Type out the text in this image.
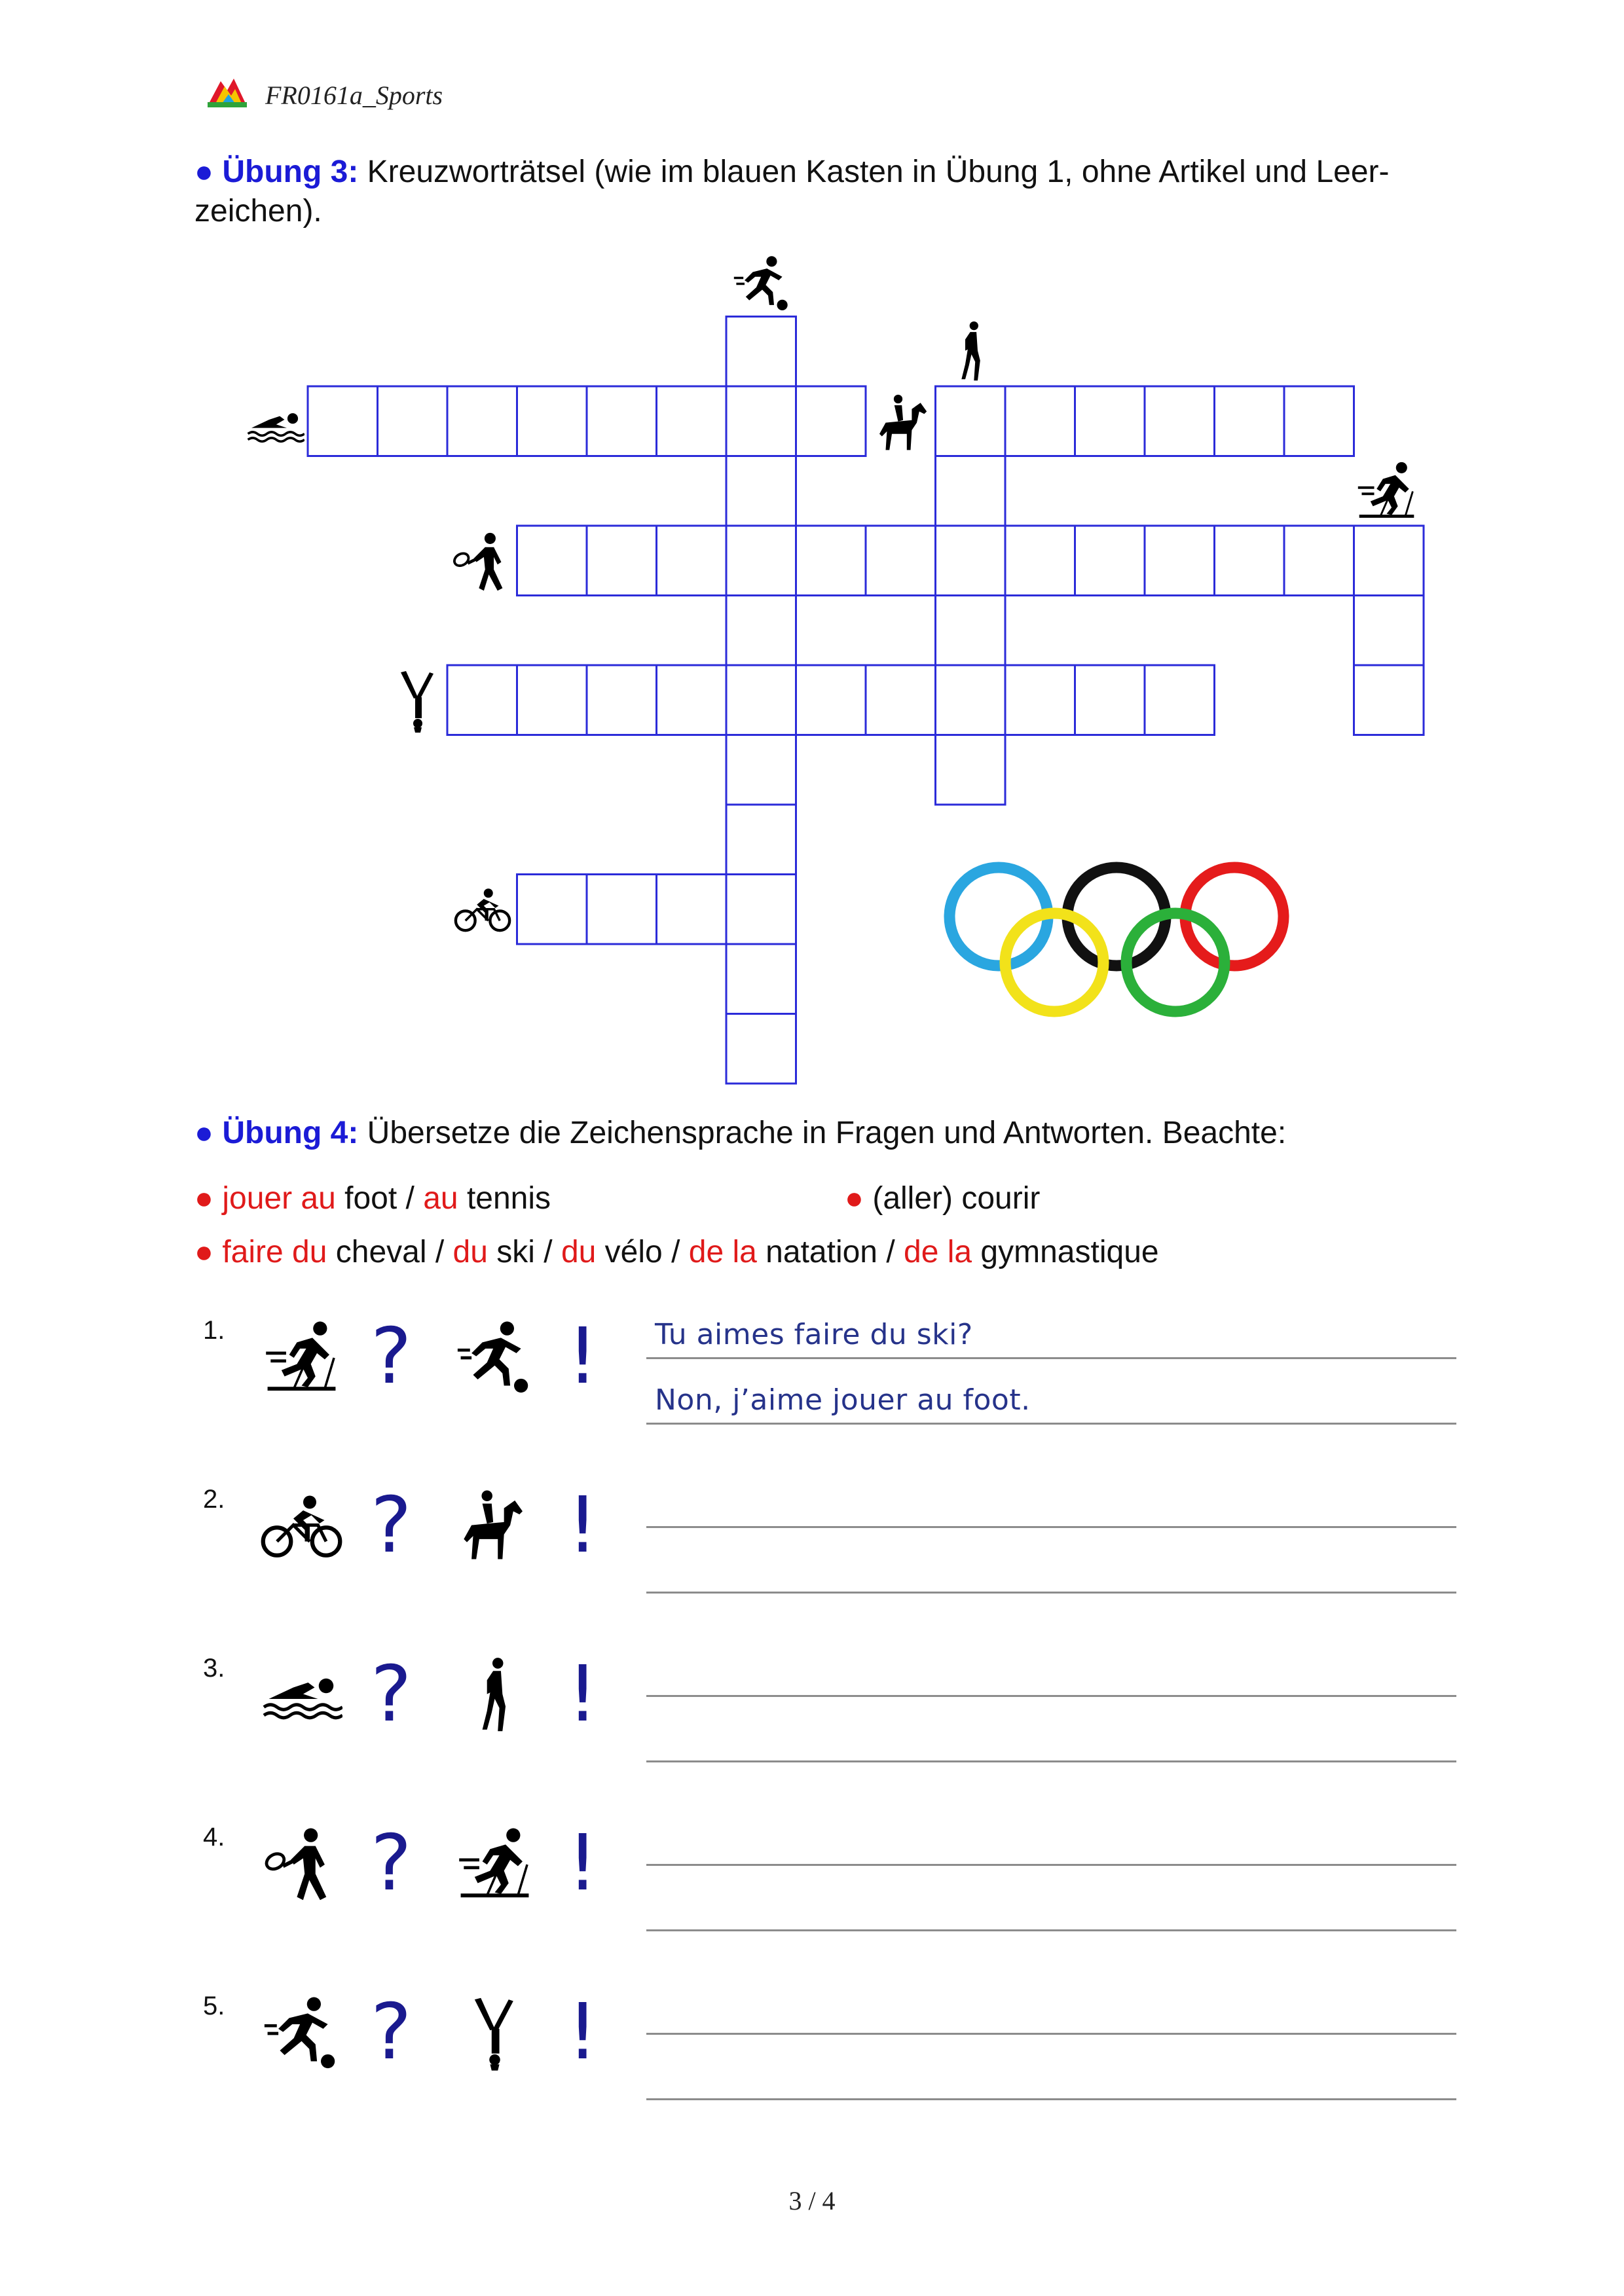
FR0161a_Sports
● Übung 3: Kreuzworträtsel (wie im blauen Kasten in Übung 1, ohne Artikel und Leer-
zeichen).
● Übung 4: Übersetze die Zeichensprache in Fragen und Antworten. Beachte:
● jouer au foot / au tennis	● (aller) courir
● faire du cheval / du ski / du vélo / de la natation / de la gymnastique
1. ? ! Tu aimes faire du ski?
Non, j’aime jouer au foot.
2. ? !
3. ? !
4. ? !
5. ? !
3 / 4
